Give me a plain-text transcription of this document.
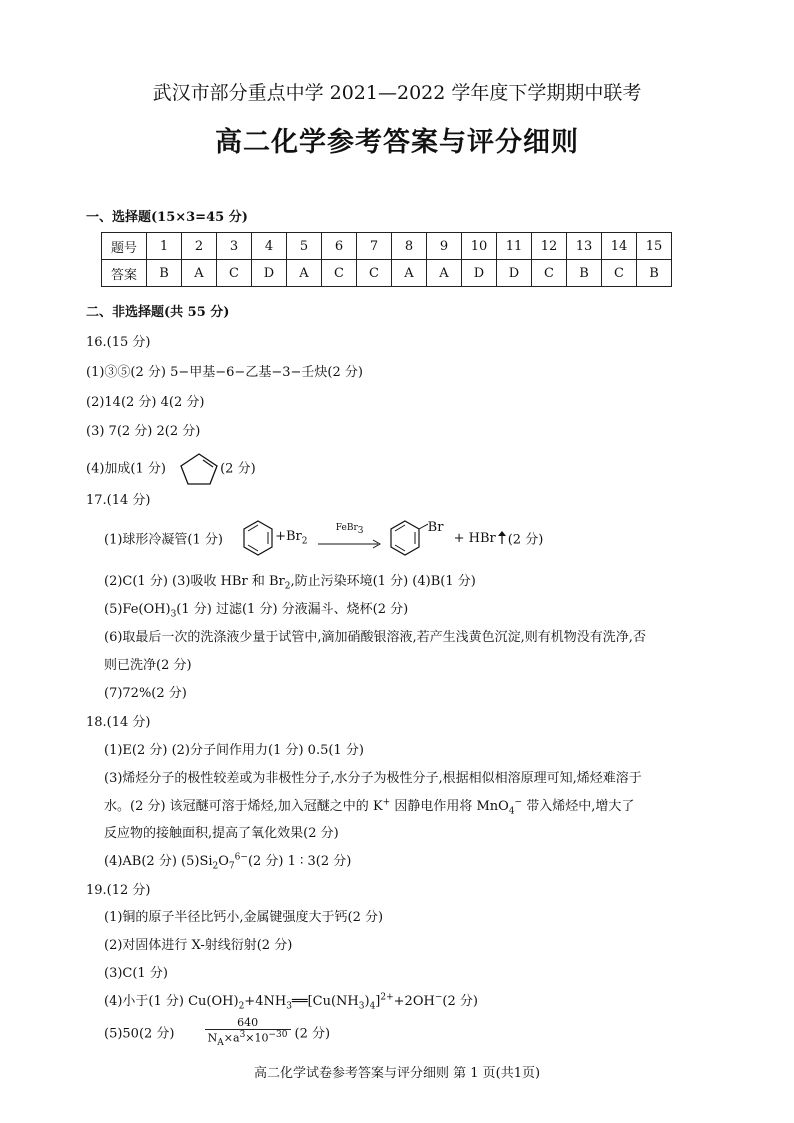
武汉市部分重点中学 2021—2022 学年度下学期期中联考
高二化学参考答案与评分细则
一、选择题(15×3=45 分)
题号	1	2	3	4	5	6	7	8	9	10	11	12	13	14	15
答案	B	A	C	D	A	C	C	A	A	D	D	C	B	C	B
二、非选择题(共 55 分)
16.(15 分)
(1)③⑤(2 分) 5−甲基−6−乙基−3−壬炔(2 分)
(2)14(2 分) 4(2 分)
(3) 7(2 分) 2(2 分)
(4)加成(1 分)	(2 分)
17.(14 分)
(1)球形冷凝管(1 分)	$+Br_2$
FeBr$_3$	Br + HBr (2 分)
(2)C(1 分) (3)吸收 HBr 和 $Br_2$,防止污染环境(1 分) (4)B(1 分)
$(5)Fe(OH)_3(1$ 分) 过滤(1 分) 分液漏斗、烧杯(2 分)
(6)取最后一次的洗涤液少量于试管中,滴加硝酸银溶液,若产生浅黄色沉淀,则有机物没有洗净,否
则已洗净(2 分)
(7)72%(2 分)
18.(14 分)
(1)E(2 分) (2)分子间作用力(1 分) 0.5(1 分)
(3)烯烃分子的极性较差或为非极性分子,水分子为极性分子,根据相似相溶原理可知,烯烃难溶于
水。(2 分) 该冠醚可溶于烯烃,加入冠醚之中的 K+ 因静电作用将 MnO$_4$− 带入烯烃中,增大了
反应物的接触面积,提高了氧化效果(2 分)
(4)AB(2 分) $(5)Si_2O_7^{6-}(2$ 分) 1 ∶ 3(2 分)
19.(12 分)
(1)铜的原子半径比钙小,金属键强度大于钙(2 分)
(2)对固体进行 X-射线衍射(2 分)
(3)C(1 分)
(4)小于(1 分) $Cu(OH)_2+4NH_3══[Cu(NH_3)_4]^{2+}+2OH^-(2$ 分)
(5)50(2 分)	$\frac{640}{N_A\times a^3\times 10^{-30}} (2$ 分)
高二化学试卷参考答案与评分细则 第 1 页(共1页)
